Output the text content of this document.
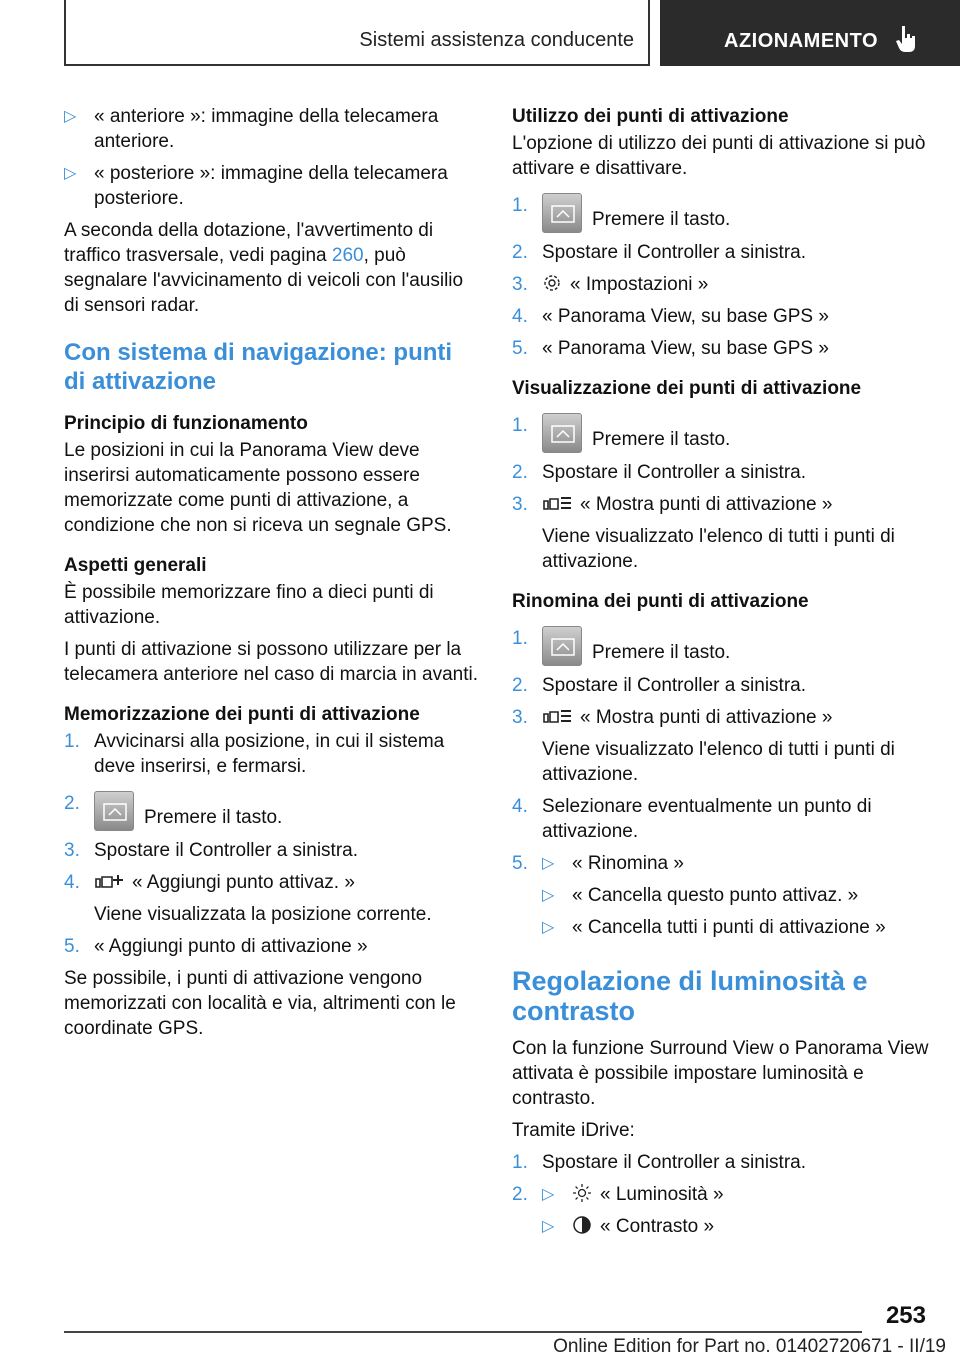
Sistemi assistenza conducente	AZIONAMENTO
▷ « anteriore »: immagine della telecamera anteriore.
▷ « posteriore »: immagine della telecamera posteriore.

A seconda della dotazione, l'avvertimento di traffico trasversale, vedi pagina 260, può segnalare l'avvicinamento di veicoli con l'ausilio di sensori radar.

Con sistema di navigazione: punti di attivazione
Principio di funzionamento

Le posizioni in cui la Panorama View deve inserirsi automaticamente possono essere memorizzate come punti di attivazione, a condizione che non si riceva un segnale GPS.

Aspetti generali

È possibile memorizzare fino a dieci punti di attivazione.

I punti di attivazione si possono utilizzare per la telecamera anteriore nel caso di marcia in avanti.

Memorizzazione dei punti di attivazione
1. Avvicinarsi alla posizione, in cui il sistema deve inserirsi, e fermarsi.
2.
Premere il tasto.
3. Spostare il Controller a sinistra.
4.	« Aggiungi punto attivaz. »
Viene visualizzata la posizione corrente.
5. « Aggiungi punto di attivazione »

Se possibile, i punti di attivazione vengono memorizzati con località e via, altrimenti con le coordinate GPS.

Utilizzo dei punti di attivazione

L'opzione di utilizzo dei punti di attivazione si può attivare e disattivare.

1.
Premere il tasto.
2. Spostare il Controller a sinistra.
3. « Impostazioni »
4. « Panorama View, su base GPS »
5. « Panorama View, su base GPS »
Visualizzazione dei punti di attivazione
1.
Premere il tasto.
2. Spostare il Controller a sinistra.
3.	« Mostra punti di attivazione »
Viene visualizzato l'elenco di tutti i punti di attivazione.
Rinomina dei punti di attivazione
1.
Premere il tasto.
2. Spostare il Controller a sinistra.
3.	« Mostra punti di attivazione »
Viene visualizzato l'elenco di tutti i punti di attivazione.
4. Selezionare eventualmente un punto di attivazione.
5. ▷ « Rinomina »
▷ « Cancella questo punto attivaz. »
▷ « Cancella tutti i punti di attivazione »
Regolazione di luminosità e contrasto

Con la funzione Surround View o Panorama View attivata è possibile impostare luminosità e contrasto.

Tramite iDrive:

1. Spostare il Controller a sinistra.
2. ▷ « Luminosità »
▷ « Contrasto »
253
Online Edition for Part no. 01402720671 - II/19
